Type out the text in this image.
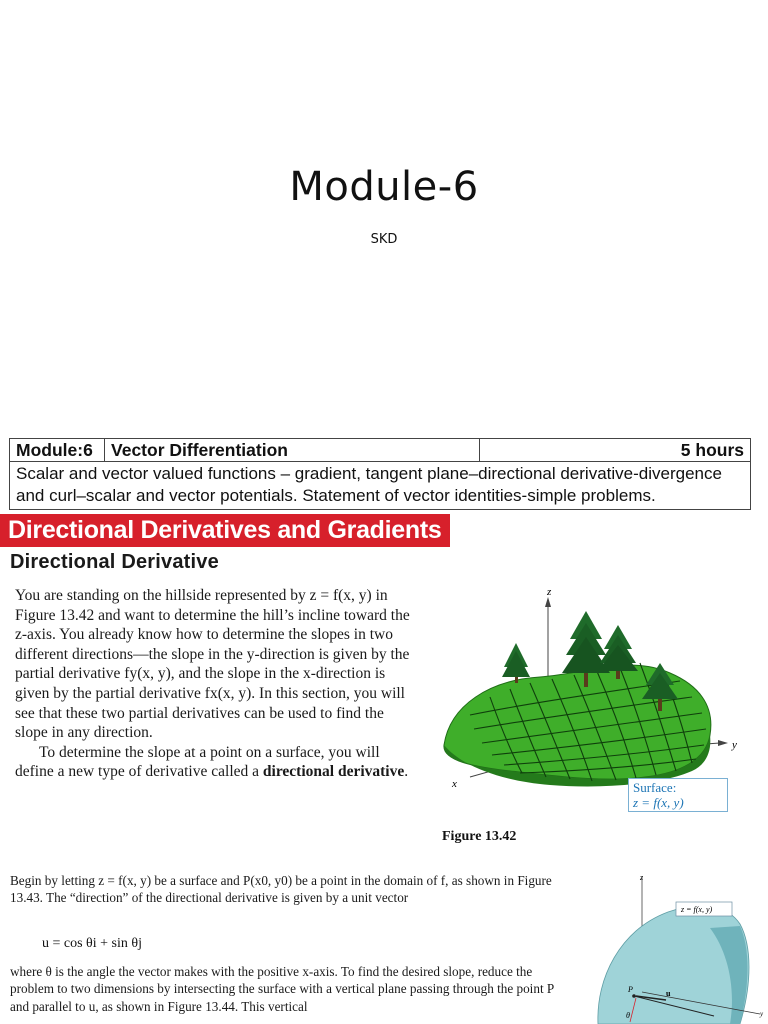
Module-6
SKD
Module:6	Vector Differentiation	5 hours
Scalar and vector valued functions – gradient, tangent plane–directional derivative-divergence and curl–scalar and vector potentials. Statement of vector identities-simple problems.
Directional Derivatives and Gradients
Directional Derivative

You are standing on the hillside represented by z = f(x, y) in Figure 13.42 and want to determine the hill’s incline toward the z-axis. You already know how to determine the slopes in two different directions—the slope in the y-direction is given by the partial derivative fy(x, y), and the slope in the x-direction is given by the partial derivative fx(x, y). In this section, you will see that these two partial derivatives can be used to find the slope in any direction.

To determine the slope at a point on a surface, you will define a new type of derivative called a directional derivative.

z
y
x	Surface:
z = f(x, y)
Figure 13.42

Begin by letting z = f(x, y) be a surface and P(x0, y0) be a point in the domain of f, as shown in Figure 13.43. The “direction” of the directional derivative is given by a unit vector

u = cos θi + sin θj

where θ is the angle the vector makes with the positive x-axis. To find the desired slope, reduce the problem to two dimensions by intersecting the surface with a vertical plane passing through the point P and parallel to u, as shown in Figure 13.44. This vertical

z
z = f(x, y)
y
P	u
θ
